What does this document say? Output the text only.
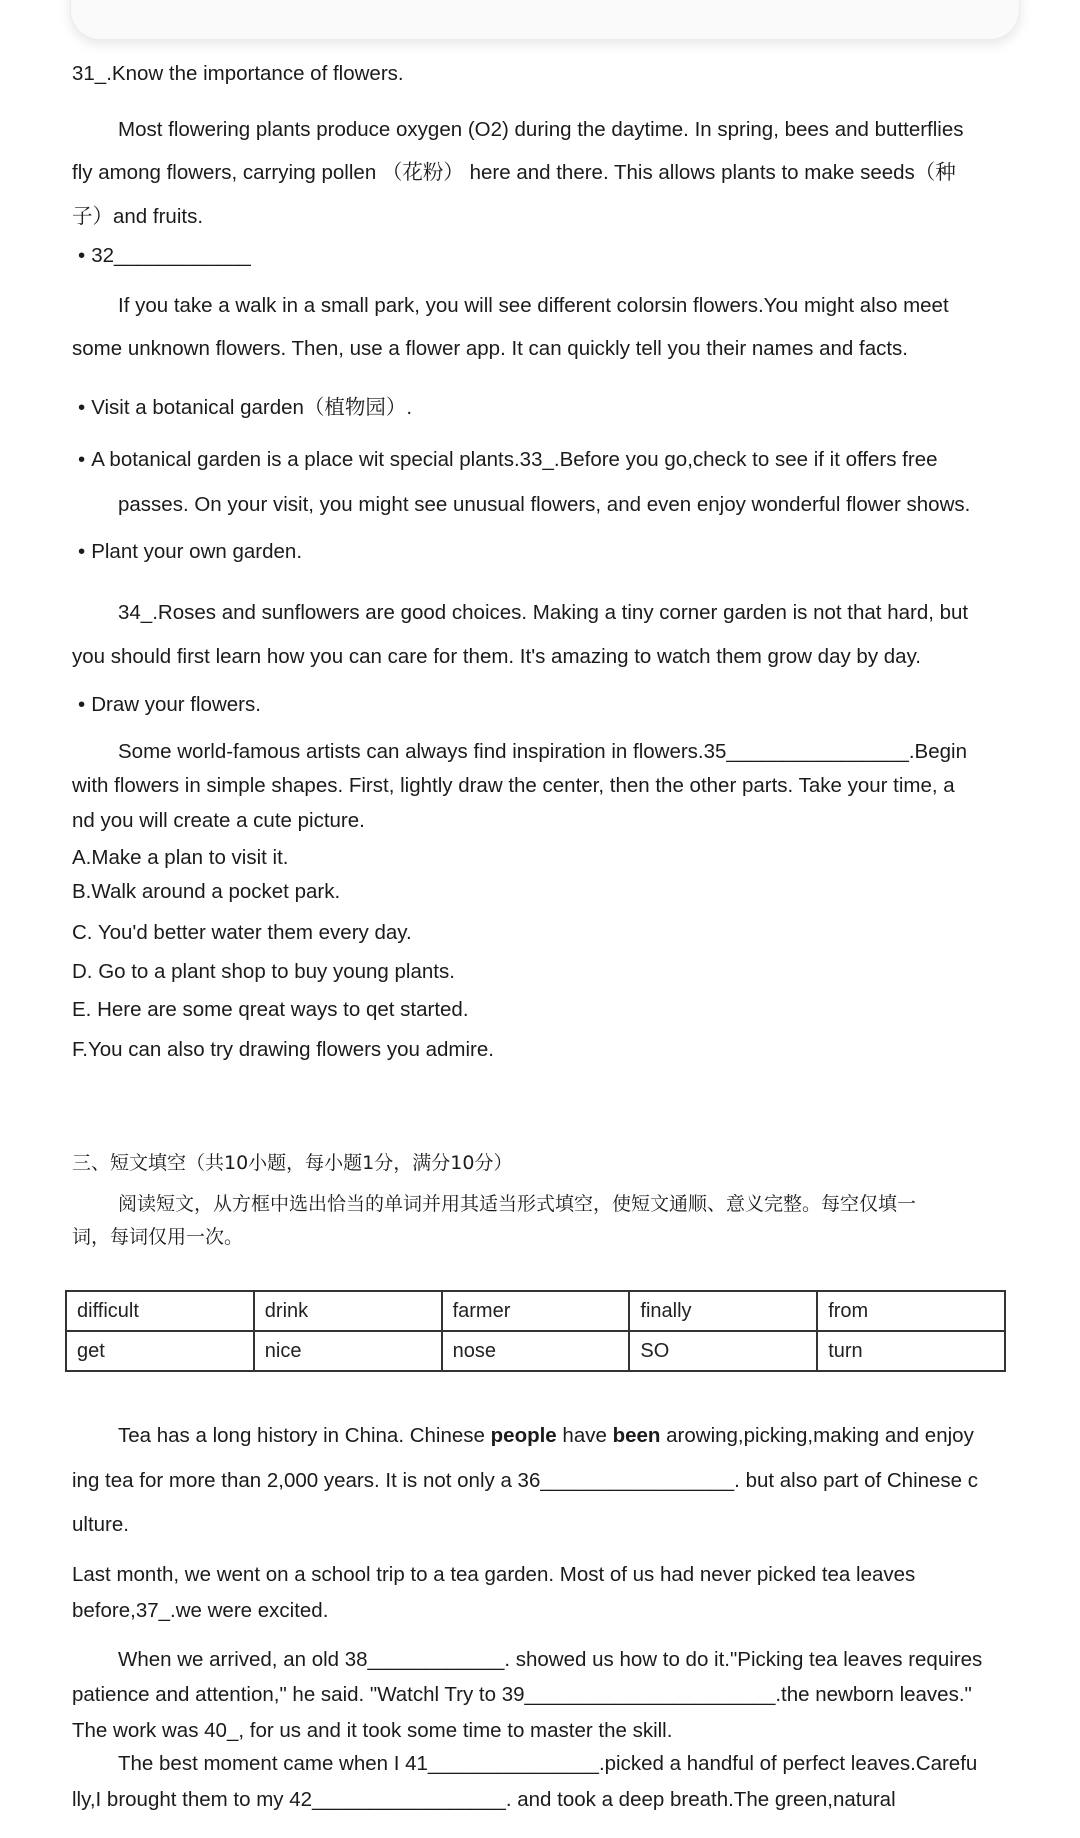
31_.Know the importance of flowers.
Most flowering plants produce oxygen (O2) during the daytime. In spring, bees and butterflies
fly among flowers, carrying pollen （花粉） here and there. This allows plants to make seeds（种
子）and fruits.
• 32____________
If you take a walk in a small park, you will see different colorsin flowers.You might also meet
some unknown flowers. Then, use a flower app. It can quickly tell you their names and facts.
• Visit a botanical garden（植物园）.
• A botanical garden is a place wit special plants.33_.Before you go,check to see if it offers free
passes. On your visit, you might see unusual flowers, and even enjoy wonderful flower shows.
• Plant your own garden.
34_.Roses and sunflowers are good choices. Making a tiny corner garden is not that hard, but
you should first learn how you can care for them. It's amazing to watch them grow day by day.
• Draw your flowers.
Some world-famous artists can always find inspiration in flowers.35________________.Begin
with flowers in simple shapes. First, lightly draw the center, then the other parts. Take your time, a
nd you will create a cute picture.
A.Make a plan to visit it.
B.Walk around a pocket park.
C. You'd better water them every day.
D. Go to a plant shop to buy young plants.
E. Here are some qreat ways to qet started.
F.You can also try drawing flowers you admire.
三、短文填空（共10小题，每小题1分，满分10分）
阅读短文，从方框中选出恰当的单词并用其适当形式填空，使短文通顺、意义完整。每空仅填一
词，每词仅用一次。
difficult	drink	farmer	finally	from
get	nice	nose	SO	turn
Tea has a long history in China. Chinese people have been arowing,picking,making and enjoy
ing tea for more than 2,000 years. It is not only a 36_________________. but also part of Chinese c
ulture.
Last month, we went on a school trip to a tea garden. Most of us had never picked tea leaves
before,37_.we were excited.
When we arrived, an old 38____________. showed us how to do it."Picking tea leaves requires
patience and attention," he said. "Watchl Try to 39______________________.the newborn leaves."
The work was 40_, for us and it took some time to master the skill.
The best moment came when I 41_______________.picked a handful of perfect leaves.Carefu
lly,I brought them to my 42_________________. and took a deep breath.The green,natural
